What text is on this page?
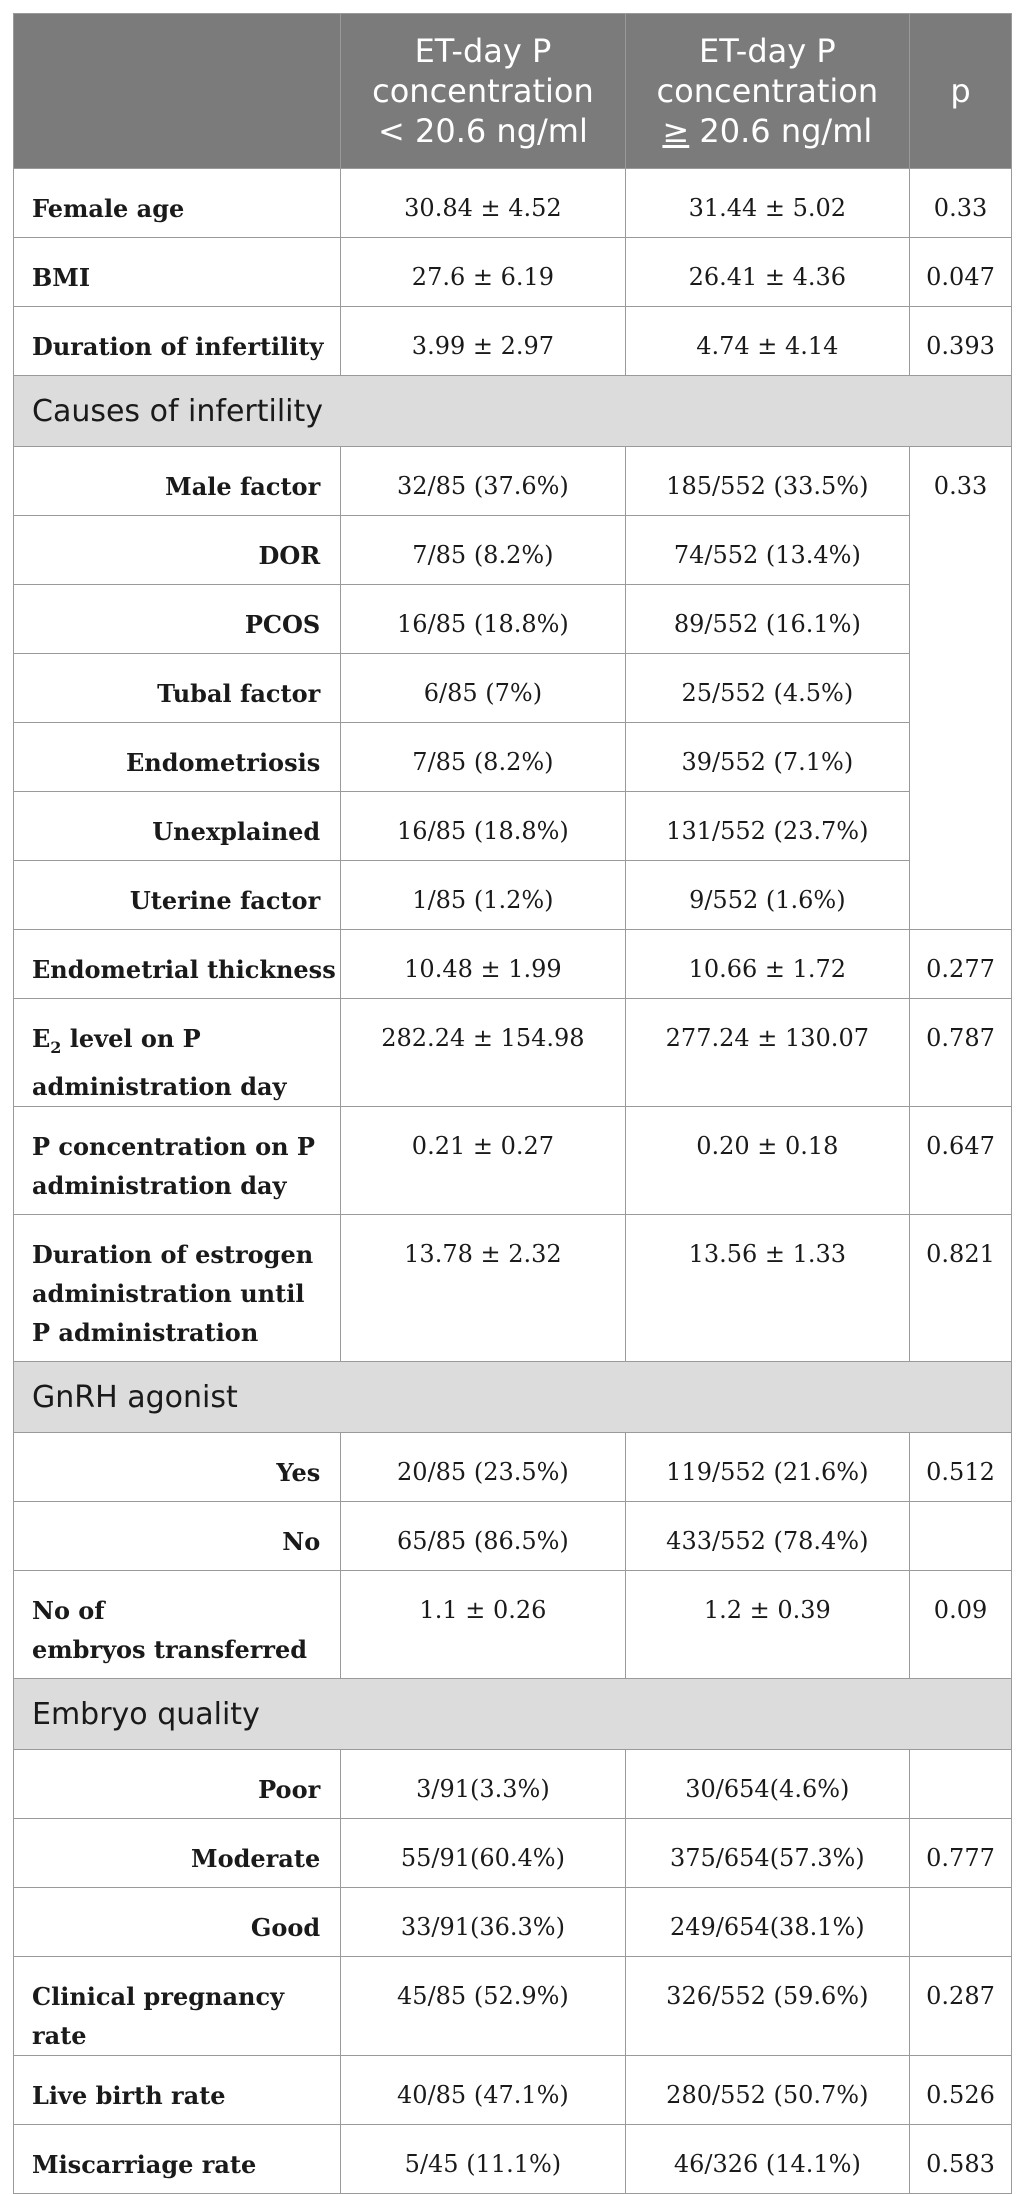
	ET-day P
concentration
< 20.6 ng/ml	ET-day P
concentration
≥ 20.6 ng/ml	p
Female age	30.84 ± 4.52	31.44 ± 5.02	0.33
BMI	27.6 ± 6.19	26.41 ± 4.36	0.047
Duration of infertility	3.99 ± 2.97	4.74 ± 4.14	0.393
Causes of infertility			
Male factor	32/85 (37.6%)	185/552 (33.5%)	0.33
DOR	7/85 (8.2%)	74/552 (13.4%)	
PCOS	16/85 (18.8%)	89/552 (16.1%)	
Tubal factor	6/85 (7%)	25/552 (4.5%)	
Endometriosis	7/85 (8.2%)	39/552 (7.1%)	
Unexplained	16/85 (18.8%)	131/552 (23.7%)	
Uterine factor	1/85 (1.2%)	9/552 (1.6%)	
Endometrial thickness	10.48 ± 1.99	10.66 ± 1.72	0.277
$E_2$ level on P
administration day	282.24 ± 154.98	277.24 ± 130.07	0.787
P concentration on P
administration day	0.21 ± 0.27	0.20 ± 0.18	0.647
Duration of estrogen
administration until
P administration	13.78 ± 2.32	13.56 ± 1.33	0.821
GnRH agonist			
Yes	20/85 (23.5%)	119/552 (21.6%)	0.512
No	65/85 (86.5%)	433/552 (78.4%)	
No of
embryos transferred	1.1 ± 0.26	1.2 ± 0.39	0.09
Embryo quality			
Poor	3/91(3.3%)	30/654(4.6%)	
Moderate	55/91(60.4%)	375/654(57.3%)	0.777
Good	33/91(36.3%)	249/654(38.1%)	
Clinical pregnancy rate	45/85 (52.9%)	326/552 (59.6%)	0.287
Live birth rate	40/85 (47.1%)	280/552 (50.7%)	0.526
Miscarriage rate	5/45 (11.1%)	46/326 (14.1%)	0.583
